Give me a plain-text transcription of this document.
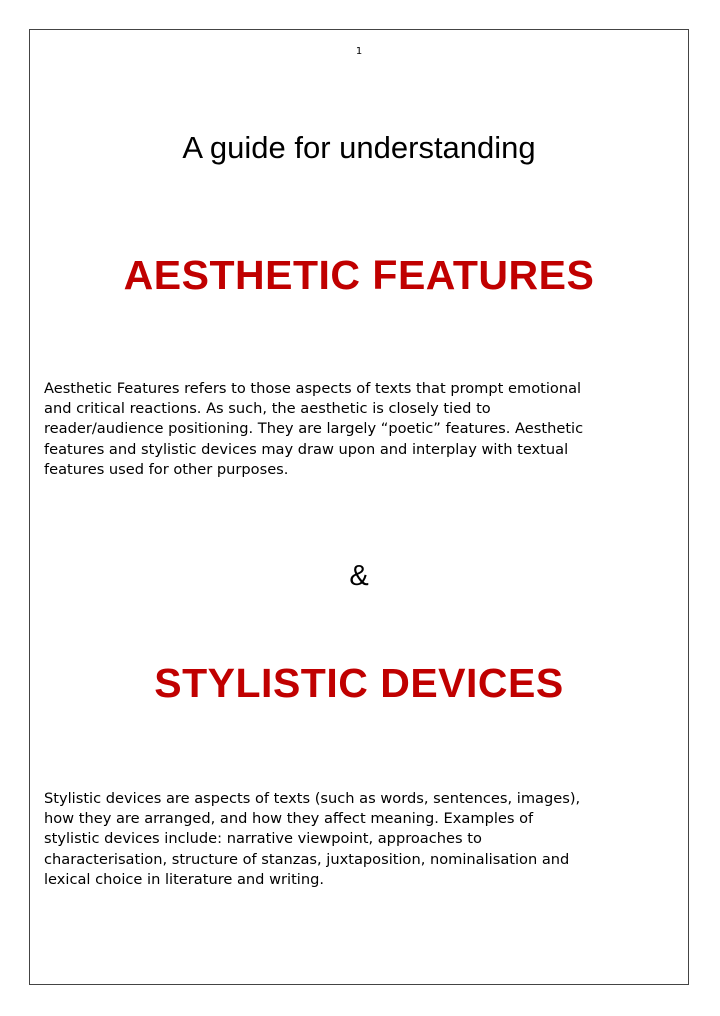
1
A guide for understanding
AESTHETIC FEATURES
Aesthetic Features refers to those aspects of texts that prompt emotional
and critical reactions. As such, the aesthetic is closely tied to
reader/audience positioning. They are largely “poetic” features. Aesthetic
features and stylistic devices may draw upon and interplay with textual
features used for other purposes.
&
STYLISTIC DEVICES
Stylistic devices are aspects of texts (such as words, sentences, images),
how they are arranged, and how they affect meaning. Examples of
stylistic devices include: narrative viewpoint, approaches to
characterisation, structure of stanzas, juxtaposition, nominalisation and
lexical choice in literature and writing.
